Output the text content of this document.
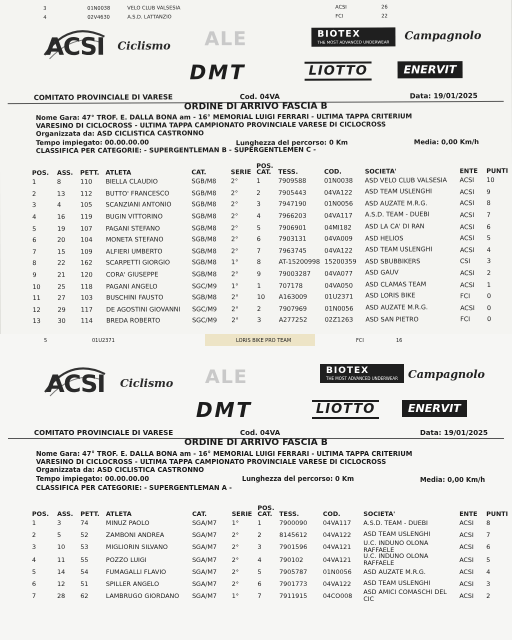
3	01N0038	VELO CLUB VALSESIA	ACSI	26
4	02V4630	A.S.D. LATTANZIO	FCI	22
ACSI Ciclismo ALE	BIOTEX
THE MOST ADVANCED UNDERWEAR Campagnolo
DMT	LIOTTO	ENERVIT
COMITATO PROVINCIALE DI VARESE	Cod. 04VA	Data: 19/01/2025
ORDINE DI ARRIVO FASCIA B
Nome Gara: 47° TROF. E. DALLA BONA am - 16° MEMORIAL LUIGI FERRARI - ULTIMA TAPPA CRITERIUM
VARESINO DI CICLOCROSS - ULTIMA TAPPA CAMPIONATO PROVINCIALE VARESE DI CICLOCROSS
Organizzata da: ASD CICLISTICA CASTRONNO
Tempo impiegato: 00.00.00.00	Lunghezza del percorso: 0 Km	Media: 0,00 Km/h
CLASSIFICA PER CATEGORIE: - SUPERGENTLEMAN B - SUPERGENTLEMEN C -
POS.	ASS.	PETT.	ATLETA	CAT.	SERIE	POS. CAT.	TESS.	COD.	SOCIETA'	ENTE	PUNTI
1	8	110	BIELLA CLAUDIO	SGB/M8	2°	1	7909588	01N0038	ASD VELO CLUB VALSESIA	ACSI	10
2	13	112	BUTTO' FRANCESCO	SGB/M8	2°	2	7905443	04VA122	ASD TEAM USLENGHI	ACSI	9
3	4	105	SCANZIANI ANTONIO	SGB/M8	2°	3	7947190	01N0056	ASD AUZATE M.R.G.	ACSI	8
4	16	119	BUGIN VITTORINO	SGB/M8	2°	4	7966203	04VA117	A.S.D. TEAM - DUEBI	ACSI	7
5	19	107	PAGANI STEFANO	SGB/M8	2°	5	7906901	04MI182	ASD LA CA' DI RAN	ACSI	6
6	20	104	MONETA STEFANO	SGB/M8	2°	6	7903131	04VA009	ASD HELIOS	ACSI	5
7	15	109	ALFIERI UMBERTO	SGB/M8	2°	7	7963745	04VA122	ASD TEAM USLENGHI	ACSI	4
8	22	162	SCARPETTI GIORGIO	SGB/M8	1°	8	AT-15200998	15200359	ASD SBUBBIKERS	CSI	3
9	21	120	CORA' GIUSEPPE	SGB/M8	2°	9	79003287	04VA077	ASD GAUV	ACSI	2
10	25	118	PAGANI ANGELO	SGC/M9	1°	1	707178	04VA050	ASD CLAMAS TEAM	ACSI	1
11	27	103	BUSCHINI FAUSTO	SGB/M8	2°	10	A163009	01U2371	ASD LORIS BIKE	FCI	0
12	29	117	DE AGOSTINI GIOVANNI	SGC/M9	2°	2	7907969	01N0056	ASD AUZATE M.R.G.	ACSI	0
13	30	114	BREDA ROBERTO	SGC/M9	2°	3	A277252	02Z1263	ASD SAN PIETRO	FCI	0
5	01U2371	LORIS BIKE PRO TEAM	FCI	16
ACSI Ciclismo ALE	BIOTEX
THE MOST ADVANCED UNDERWEAR Campagnolo
DMT	LIOTTO	ENERVIT
COMITATO PROVINCIALE DI VARESE	Cod. 04VA	Data: 19/01/2025
ORDINE DI ARRIVO FASCIA B
Nome Gara: 47° TROF. E. DALLA BONA am - 16° MEMORIAL LUIGI FERRARI - ULTIMA TAPPA CRITERIUM
VARESINO DI CICLOCROSS - ULTIMA TAPPA CAMPIONATO PROVINCIALE VARESE DI CICLOCROSS
Organizzata da: ASD CICLISTICA CASTRONNO
Tempo impiegato: 00.00.00.00	Lunghezza del percorso: 0 Km	Media: 0,00 Km/h
CLASSIFICA PER CATEGORIE: - SUPERGENTLEMAN A -
POS.	ASS.	PETT.	ATLETA	CAT.	SERIE	POS. CAT.	TESS.	COD.	SOCIETA'	ENTE	PUNTI
1	3	74	MINUZ PAOLO	SGA/M7	1°	1	7900090	04VA117	A.S.D. TEAM - DUEBI	ACSI	8
2	5	52	ZAMBONI ANDREA	SGA/M7	2°	2	8145612	04VA122	ASD TEAM USLENGHI	ACSI	7
3	10	53	MIGLIORIN SILVANO	SGA/M7	2°	3	7901596	04VA121	U.C. INDUNO OLONA RAFFAELE	ACSI	6
4	11	55	POZZO LUIGI	SGA/M7	2°	4	790102	04VA121	U.C. INDUNO OLONA RAFFAELE	ACSI	5
5	14	54	FUMAGALLI FLAVIO	SGA/M7	2°	5	7905787	01N0056	ASD AUZATE M.R.G.	ACSI	4
6	12	51	SPILLER ANGELO	SGA/M7	2°	6	7901773	04VA122	ASD TEAM USLENGHI	ACSI	3
7	28	62	LAMBRUGO GIORDANO	SGA/M7	1°	7	7911915	04CO008	ASD AMICI COMASCHI DEL CIC	ACSI	2
